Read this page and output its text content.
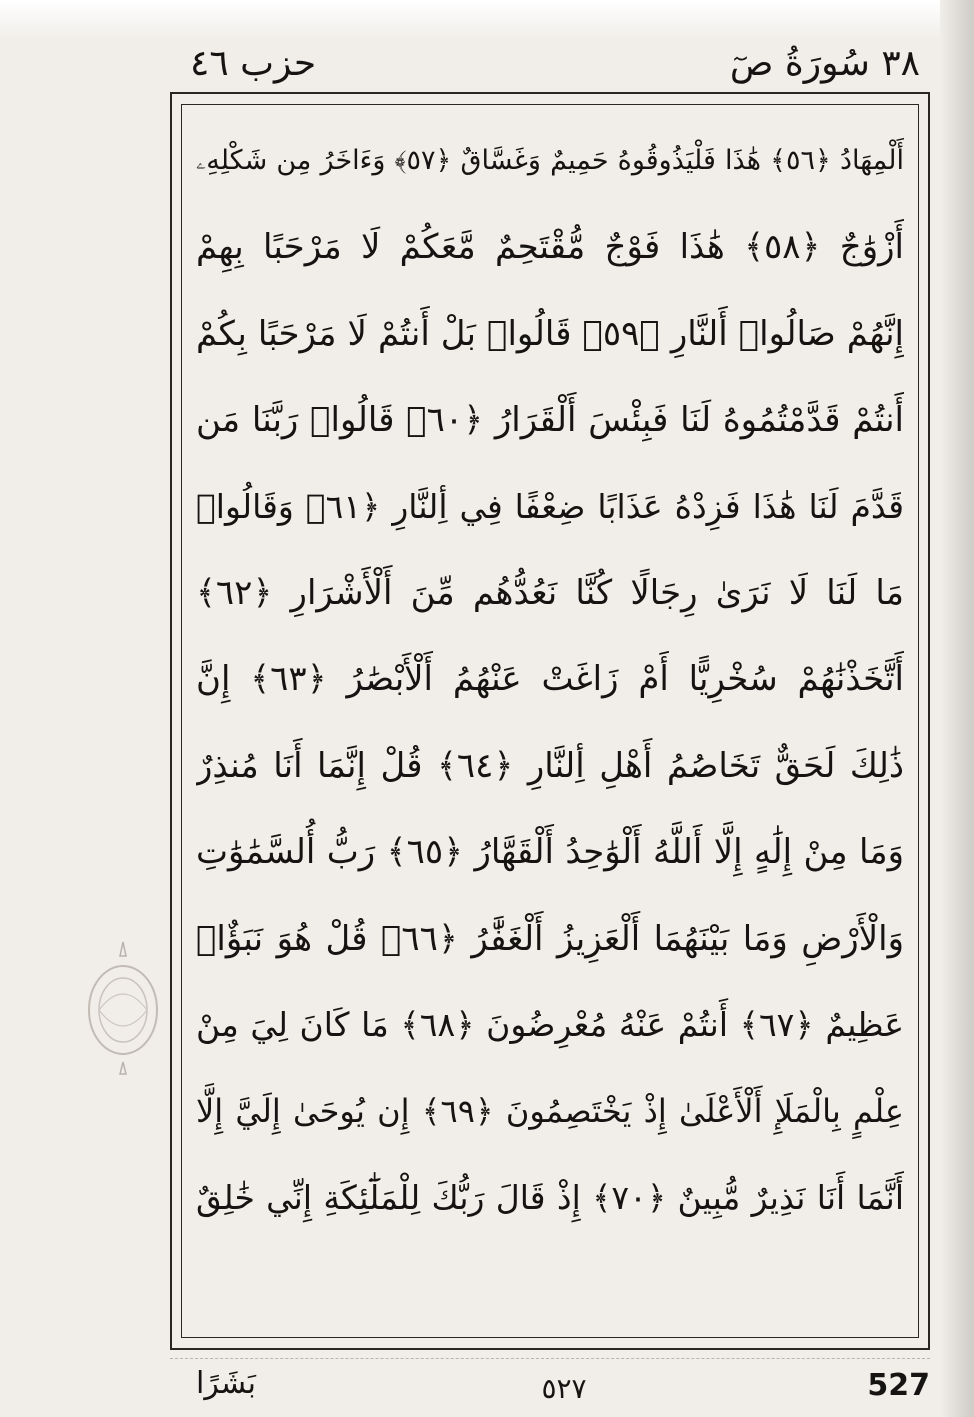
٣٨ سُورَةُ صٓ
حزب ٤٦
أَلْمِهَادُ ﴿٥٦﴾ هَٰذَا فَلْيَذُوقُوهُ حَمِيمٌ وَغَسَّاقٌ ﴿٥٧﴾ وَءَاخَرُ مِن شَكْلِهِۦ
أَزْوَٰجٌ ﴿٥٨﴾ هَٰذَا فَوْجٌ مُّقْتَحِمٌ مَّعَكُمْ لَا مَرْحَبًا بِهِمْ
إِنَّهُمْ صَالُوا۟ أَلنَّارِ ﴿٥٩﴾ قَالُوا۟ بَلْ أَنتُمْ لَا مَرْحَبًا بِكُمْ
أَنتُمْ قَدَّمْتُمُوهُ لَنَا فَبِئْسَ أَلْقَرَارُ ﴿٦٠﴾ قَالُوا۟ رَبَّنَا مَن
قَدَّمَ لَنَا هَٰذَا فَزِدْهُ عَذَابًا ضِعْفًا فِي أِلنَّارِ ﴿٦١﴾ وَقَالُوا۟
مَا لَنَا لَا نَرَىٰ رِجَالًا كُنَّا نَعُدُّهُم مِّنَ أَلْأَشْرَارِ ﴿٦٢﴾
أَتَّخَذْنَٰهُمْ سُخْرِيًّا أَمْ زَاغَتْ عَنْهُمُ أَلْأَبْصَٰرُ ﴿٦٣﴾ إِنَّ
ذَٰلِكَ لَحَقٌّ تَخَاصُمُ أَهْلِ أِلنَّارِ ﴿٦٤﴾ قُلْ إِنَّمَا أَنَا مُنذِرٌ
وَمَا مِنْ إِلَٰهٍ إِلَّا أَللَّهُ أَلْوَٰحِدُ أَلْقَهَّارُ ﴿٦٥﴾ رَبُّ أُلسَّمَٰوَٰتِ
وَالْأَرْضِ وَمَا بَيْنَهُمَا أَلْعَزِيزُ أَلْغَفَّٰرُ ﴿٦٦﴾ قُلْ هُوَ نَبَؤٌا۟
عَظِيمٌ ﴿٦٧﴾ أَنتُمْ عَنْهُ مُعْرِضُونَ ﴿٦٨﴾ مَا كَانَ لِيَ مِنْ
عِلْمٍ بِالْمَلَإِ أَلْأَعْلَىٰ إِذْ يَخْتَصِمُونَ ﴿٦٩﴾ إِن يُوحَىٰ إِلَيَّ إِلَّا
أَنَّمَا أَنَا نَذِيرٌ مُّبِينٌ ﴿٧٠﴾ إِذْ قَالَ رَبُّكَ لِلْمَلَٰٓئِكَةِ إِنِّي خَٰلِقٌ
بَشَرًا	٥٢٧	527
